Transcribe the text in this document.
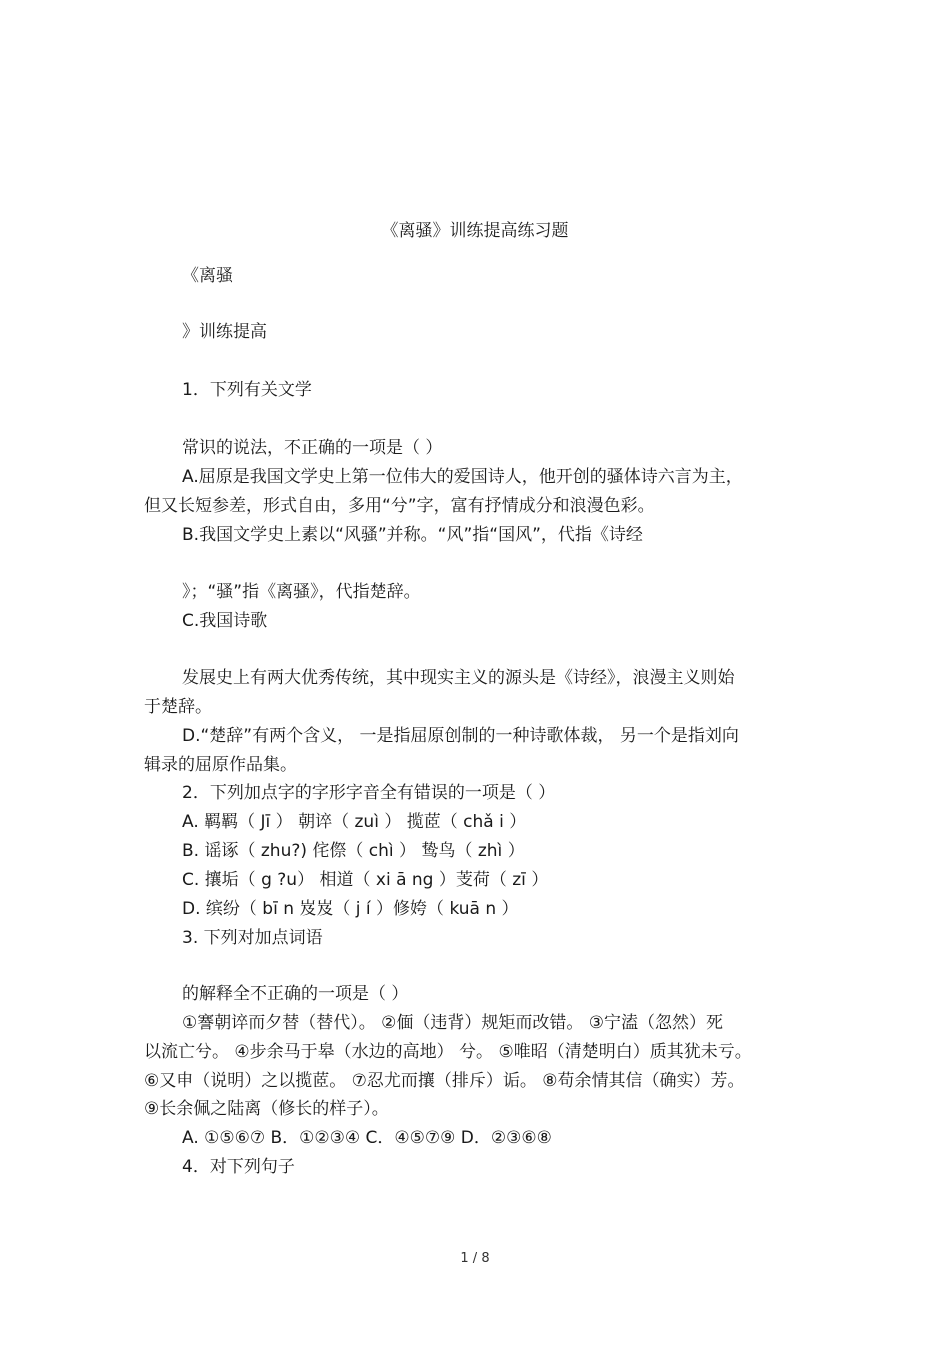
《离骚》训练提高练习题
《离骚
》训练提高
1．下列有关文学
常识的说法，不正确的一项是（ ）
A.屈原是我国文学史上第一位伟大的爱国诗人，他开创的骚体诗六言为主，
但又长短参差，形式自由，多用“兮”字，富有抒情成分和浪漫色彩。
B.我国文学史上素以“风骚”并称。“风”指“国风”，代指《诗经
》；“骚”指《离骚》，代指楚辞。
C.我国诗歌
发展史上有两大优秀传统，其中现实主义的源头是《诗经》，浪漫主义则始
于楚辞。
D.“楚辞”有两个含义， 一是指屈原创制的一种诗歌体裁， 另一个是指刘向
辑录的屈原作品集。
2．下列加点字的字形字音全有错误的一项是（ ）
A. 羁羁（ Jī ） 朝谇（ zuì ） 揽茝（ chǎ i ）
B. 谣诼（ zhu?) 侘傺（ chì ） 鸷鸟（ zhì ）
C. 攘垢（ g ?u） 相道（ xi ā ng ）芰荷（ zī ）
D. 缤纷（ bī n 岌岌（ j í ）修姱（ kuā n ）
3. 下列对加点词语
的解释全不正确的一项是（ ）
①謇朝谇而夕替（替代）。 ②偭（违背）规矩而改错。 ③宁溘（忽然）死
以流亡兮。 ④步余马于皋（水边的高地） 兮。 ⑤唯昭（清楚明白）质其犹未亏。
⑥又申（说明）之以揽茝。 ⑦忍尤而攘（排斥）诟。 ⑧苟余情其信（确实）芳。
⑨长余佩之陆离（修长的样子）。
A. ①⑤⑥⑦ B．①②③④ C．④⑤⑦⑨ D．②③⑥⑧
4．对下列句子
1 / 8
